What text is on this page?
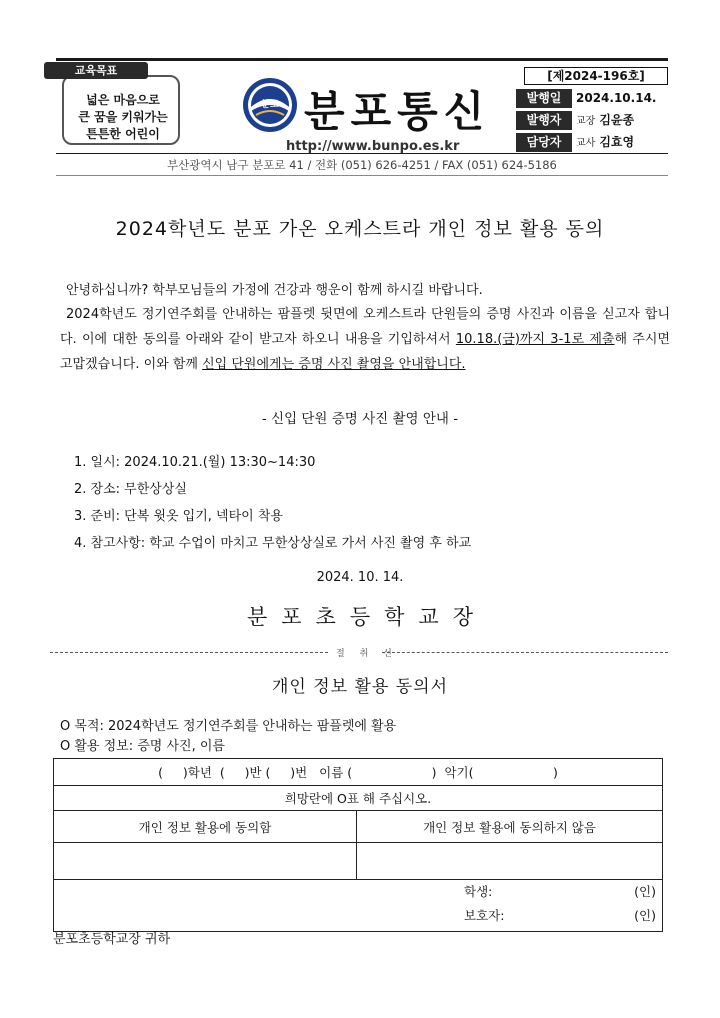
넓은 마음으로
큰 꿈을 키워가는
튼튼한 어린이
분포 분포통신
http://www.bunpo.es.kr
[제2024-196호]
발행일	2024.10.14.
발행자	교장 김윤종
담당자	교사 김효영
교육목표
부산광역시 남구 분포로 41 / 전화 (051) 626-4251 / FAX (051) 624-5186
2024학년도 분포 가온 오케스트라 개인 정보 활용 동의
안녕하십니까? 학부모님들의 가정에 건강과 행운이 함께 하시길 바랍니다.
2024학년도 정기연주회를 안내하는 팜플렛 뒷면에 오케스트라 단원들의 증명 사진과 이름을 싣고자 합니다. 이에 대한 동의를 아래와 같이 받고자 하오니 내용을 기입하셔서 10.18.(금)까지 3-1로 제출해 주시면 고맙겠습니다. 이와 함께 신입 단원에게는 증명 사진 촬영을 안내합니다.
- 신입 단원 증명 사진 촬영 안내 -
1. 일시: 2024.10.21.(월) 13:30~14:30
2. 장소: 무한상상실
3. 준비: 단복 윗옷 입기, 넥타이 착용
4. 참고사항: 학교 수업이 마치고 무한상상실로 가서 사진 촬영 후 하교
2024. 10. 14.
분포초등학교장
절 취 선
개인 정보 활용 동의서
O 목적: 2024학년도 정기연주회를 안내하는 팜플렛에 활용
O 활용 정보: 증명 사진, 이름
(     )학년  (     )반 (     )번   이름 (                    )  악기(                    )	
희망란에 O표 해 주십시오.	
개인 정보 활용에 동의함	개인 정보 활용에 동의하지 않음

학생: (인)
보호자: (인)	
분포초등학교장 귀하
